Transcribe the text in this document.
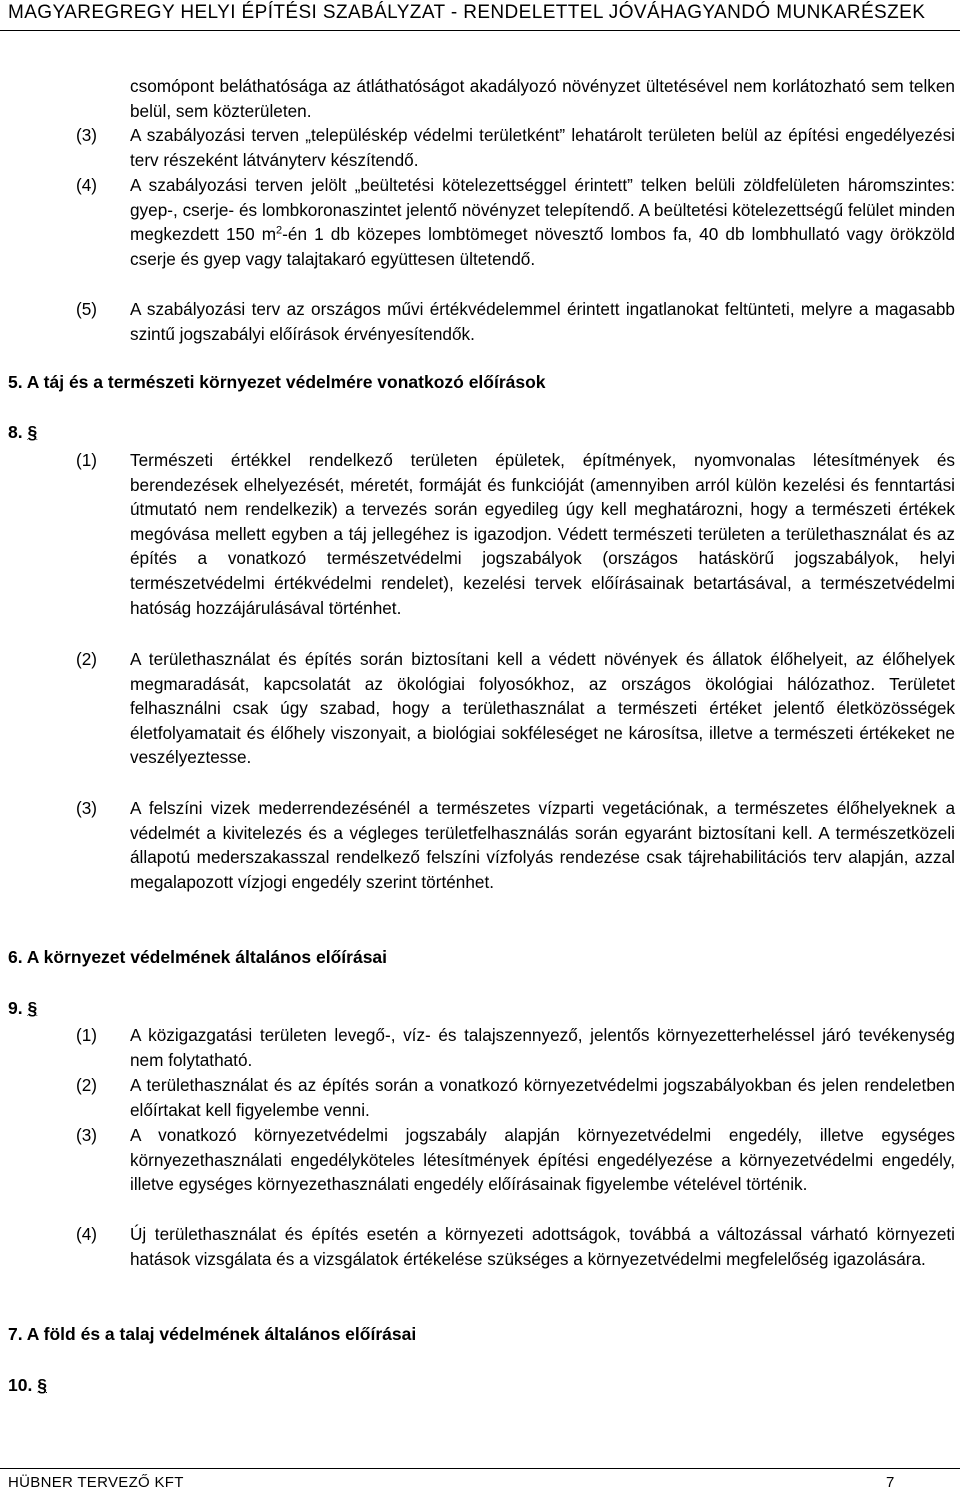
MAGYAREGREGY HELYI ÉPÍTÉSI SZABÁLYZAT - RENDELETTEL JÓVÁHAGYANDÓ MUNKARÉSZEK
csomópont beláthatósága az átláthatóságot akadályozó növényzet ültetésével nem korlátozható sem telken belül, sem közterületen.
(3) A szabályozási terven „településkép védelmi területként” lehatárolt területen belül az építési engedélyezési terv részeként látványterv készítendő.
(4) A szabályozási terven jelölt „beültetési kötelezettséggel érintett” telken belüli zöldfelületen háromszintes: gyep-, cserje- és lombkoronaszintet jelentő növényzet telepítendő. A beültetési kötelezettségű felület minden megkezdett 150 $m^2-én$ 1 db közepes lombtömeget növesztő lombos fa, 40 db lombhullató vagy örökzöld cserje és gyep vagy talajtakaró együttesen ültetendő.
(5) A szabályozási terv az országos művi értékvédelemmel érintett ingatlanokat feltünteti, melyre a magasabb szintű jogszabályi előírások érvényesítendők.
5. A táj és a természeti környezet védelmére vonatkozó előírások
8. §
(1) Természeti értékkel rendelkező területen épületek, építmények, nyomvonalas létesítmények és berendezések elhelyezését, méretét, formáját és funkcióját (amennyiben arról külön kezelési és fenntartási útmutató nem rendelkezik) a tervezés során egyedileg úgy kell meghatározni, hogy a természeti értékek megóvása mellett egyben a táj jellegéhez is igazodjon. Védett természeti területen a területhasználat és az építés a vonatkozó természetvédelmi jogszabályok (országos hatáskörű jogszabályok, helyi természetvédelmi értékvédelmi rendelet), kezelési tervek előírásainak betartásával, a természetvédelmi hatóság hozzájárulásával történhet.
(2) A területhasználat és építés során biztosítani kell a védett növények és állatok élőhelyeit, az élőhelyek megmaradását, kapcsolatát az ökológiai folyosókhoz, az országos ökológiai hálózathoz. Területet felhasználni csak úgy szabad, hogy a területhasználat a természeti értéket jelentő életközösségek életfolyamatait és élőhely viszonyait, a biológiai sokféleséget ne károsítsa, illetve a természeti értékeket ne veszélyeztesse.
(3) A felszíni vizek mederrendezésénél a természetes vízparti vegetációnak, a természetes élőhelyeknek a védelmét a kivitelezés és a végleges területfelhasználás során egyaránt biztosítani kell. A természetközeli állapotú mederszakasszal rendelkező felszíni vízfolyás rendezése csak tájrehabilitációs terv alapján, azzal megalapozott vízjogi engedély szerint történhet.
6. A környezet védelmének általános előírásai
9. §
(1) A közigazgatási területen levegő-, víz- és talajszennyező, jelentős környezetterheléssel járó tevékenység nem folytatható.
(2) A területhasználat és az építés során a vonatkozó környezetvédelmi jogszabályokban és jelen rendeletben előírtakat kell figyelembe venni.
(3) A vonatkozó környezetvédelmi jogszabály alapján környezetvédelmi engedély, illetve egységes környezethasználati engedélyköteles létesítmények építési engedélyezése a környezetvédelmi engedély, illetve egységes környezethasználati engedély előírásainak figyelembe vételével történik.
(4) Új területhasználat és építés esetén a környezeti adottságok, továbbá a változással várható környezeti hatások vizsgálata és a vizsgálatok értékelése szükséges a környezetvédelmi megfelelőség igazolására.
7. A föld és a talaj védelmének általános előírásai
10. §
HÜBNER TERVEZŐ KFT	7
